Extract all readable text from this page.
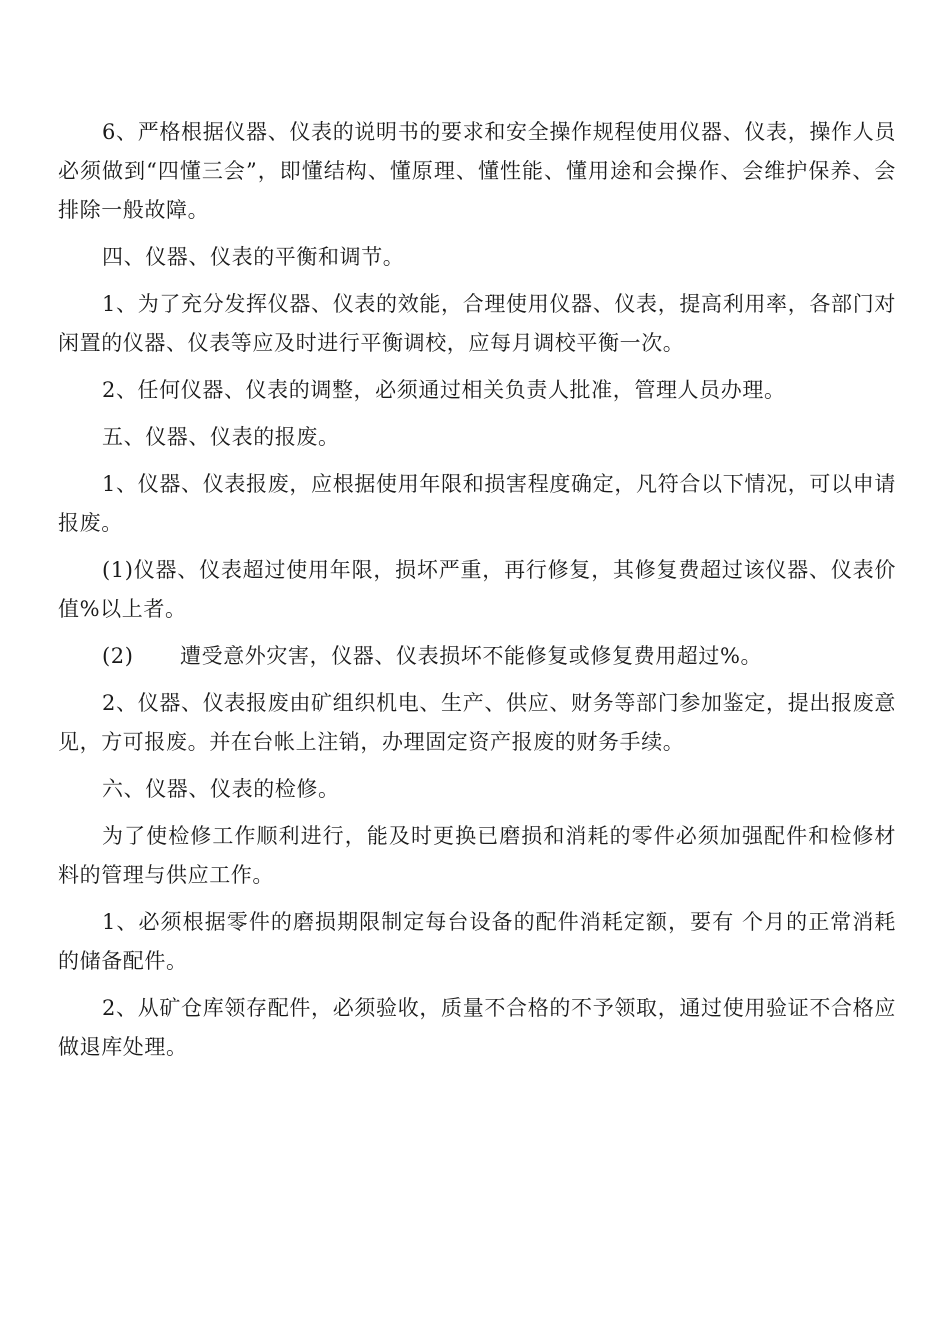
6、严格根据仪器、仪表的说明书的要求和安全操作规程使用仪器、仪表，操作人员必须做到“四懂三会”，即懂结构、懂原理、懂性能、懂用途和会操作、会维护保养、会排除一般故障。

四、仪器、仪表的平衡和调节。

1、为了充分发挥仪器、仪表的效能，合理使用仪器、仪表，提高利用率，各部门对闲置的仪器、仪表等应及时进行平衡调校，应每月调校平衡一次。

2、任何仪器、仪表的调整，必须通过相关负责人批准，管理人员办理。

五、仪器、仪表的报废。

1、仪器、仪表报废，应根据使用年限和损害程度确定，凡符合以下情况，可以申请报废。

(1)仪器、仪表超过使用年限，损坏严重，再行修复，其修复费超过该仪器、仪表价值%以上者。

(2)	遭受意外灾害，仪器、仪表损坏不能修复或修复费用超过%。

2、仪器、仪表报废由矿组织机电、生产、供应、财务等部门参加鉴定，提出报废意见，方可报废。并在台帐上注销，办理固定资产报废的财务手续。

六、仪器、仪表的检修。

为了使检修工作顺利进行，能及时更换已磨损和消耗的零件必须加强配件和检修材料的管理与供应工作。

1、必须根据零件的磨损期限制定每台设备的配件消耗定额，要有 个月的正常消耗的储备配件。

2、从矿仓库领存配件，必须验收，质量不合格的不予领取，通过使用验证不合格应做退库处理。
